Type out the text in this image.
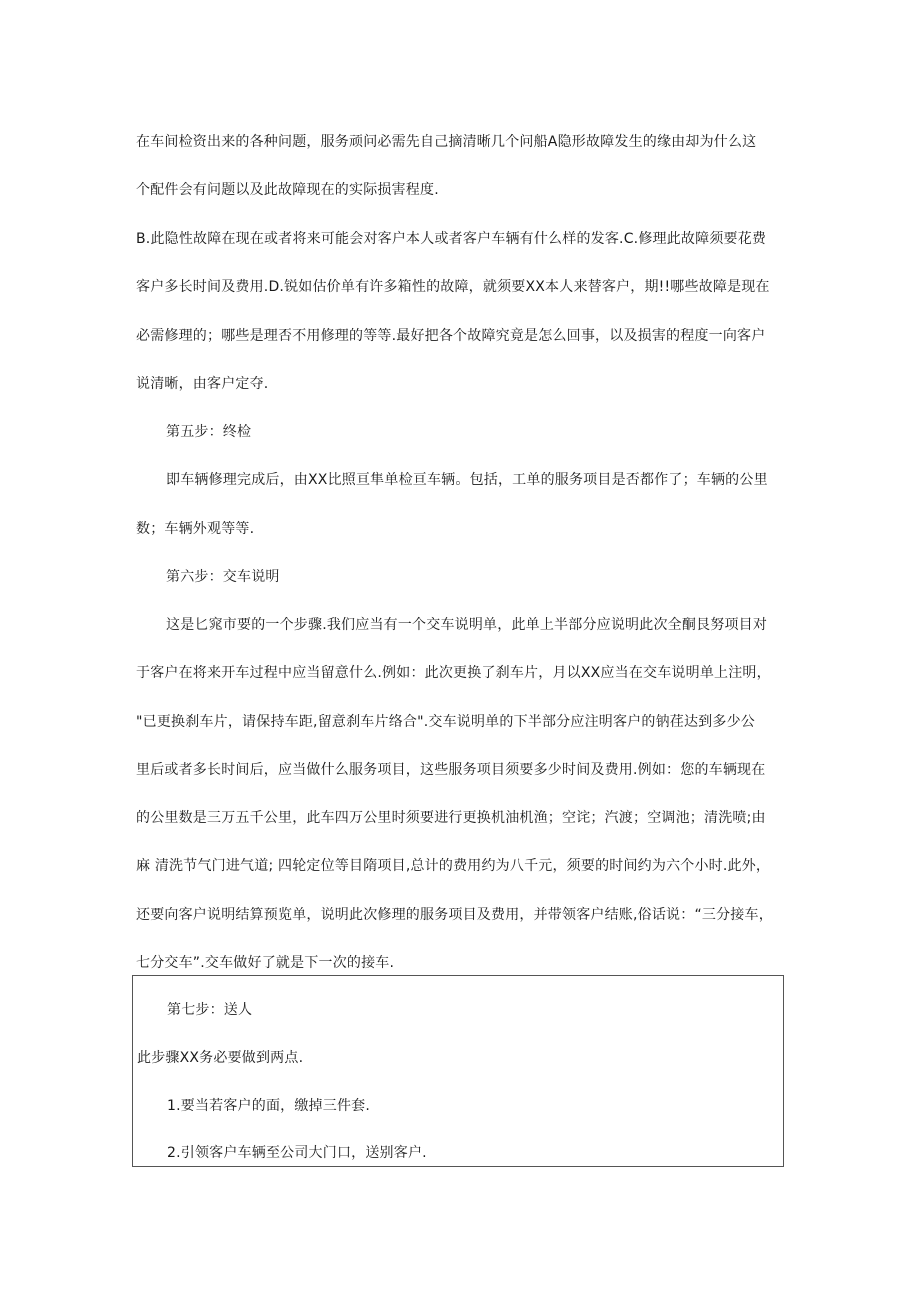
在车间检资出来的各种问题，服务顽问必需先自己摘清晰几个问船A隐形故障发生的缘由却为什么这
个配件会有问题以及此故障现在的实际损害程度.
B.此隐性故障在现在或者将来可能会对客户本人或者客户车辆有什么样的发客.C.修理此故障须要花费
客户多长时间及费用.D.锐如估价单有许多箱性的故障，就须要XX本人来替客户，期!!哪些故障是现在
必需修理的；哪些是理否不用修理的等等.最好把各个故障究竟是怎么回事，以及损害的程度一向客户
说清晰，由客户定夺.
第五步：终检
即车辆修理完成后，由XX比照亘隼单检亘车辆。包括，工单的服务项目是否都作了；车辆的公里
数；车辆外观等等.
第六步：交车说明
这是匕窕市要的一个步骤.我们应当有一个交车说明单，此单上半部分应说明此次全酮艮努项目对
于客户在将来开车过程中应当留意什么.例如：此次更换了刹车片，月以XX应当在交车说明单上注明，
"已更换刹车片，请保持车距,留意刹车片络合".交车说明单的下半部分应注明客户的钠荏达到多少公
里后或者多长时间后，应当做什么服务项目，这些服务项目须要多少时间及费用.例如：您的车辆现在
的公里数是三万五千公里，此车四万公里时须要进行更换机油机渔；空诧；汽渡；空调池；清洗喷;由
麻 清洗节气门进气道; 四轮定位等目隋项目,总计的费用约为八千元，须要的时间约为六个小时.此外，
还要向客户说明结算预览单，说明此次修理的服务项目及费用，并带领客户结账,俗话说：“三分接车，
七分交车”.交车做好了就是下一次的接车.
第七步：送人
此步骤XX务必要做到两点.
1.要当若客户的面，缴掉三件套.
2.引领客户车辆至公司大门口，送别客户.
